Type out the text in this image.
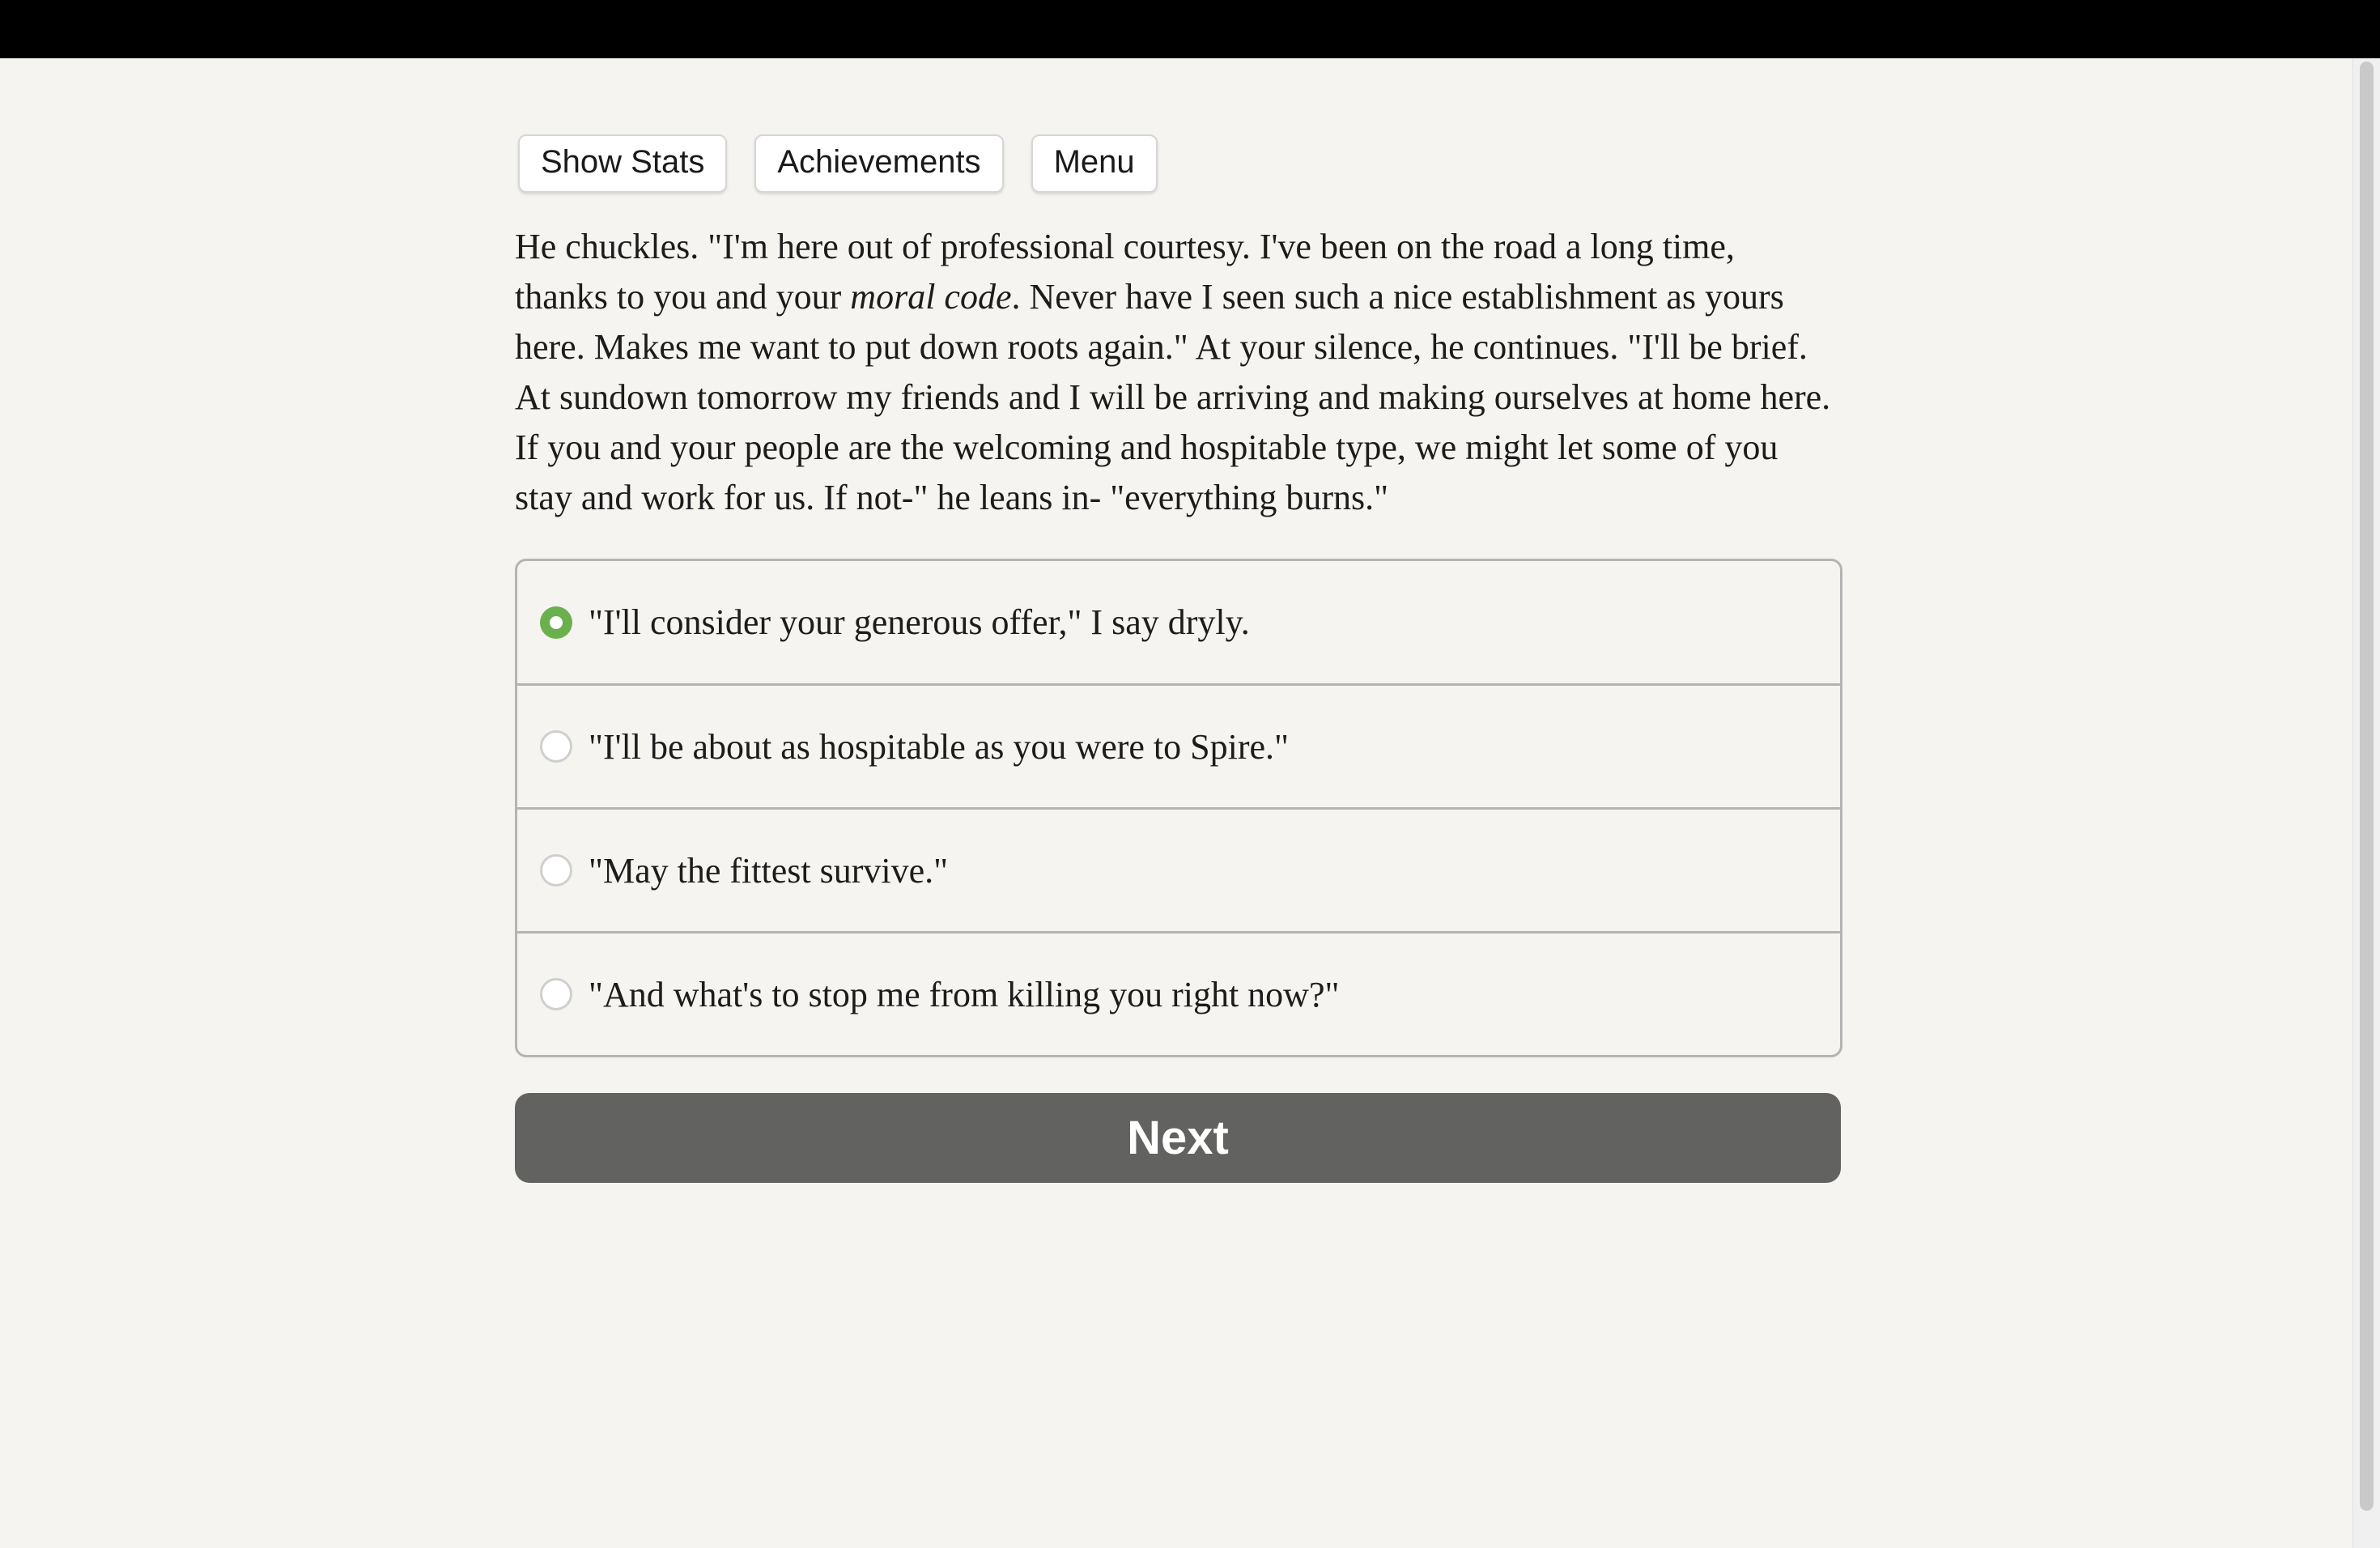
Show Stats	Achievements	Menu

He chuckles. "I'm here out of professional courtesy. I've been on the road a long time, thanks to you and your moral code. Never have I seen such a nice establishment as yours here. Makes me want to put down roots again." At your silence, he continues. "I'll be brief. At sundown tomorrow my friends and I will be arriving and making ourselves at home here. If you and your people are the welcoming and hospitable type, we might let some of you stay and work for us. If not-" he leans in- "everything burns."

"I'll consider your generous offer," I say dryly.
"I'll be about as hospitable as you were to Spire."
"May the fittest survive."
"And what's to stop me from killing you right now?"
Next
